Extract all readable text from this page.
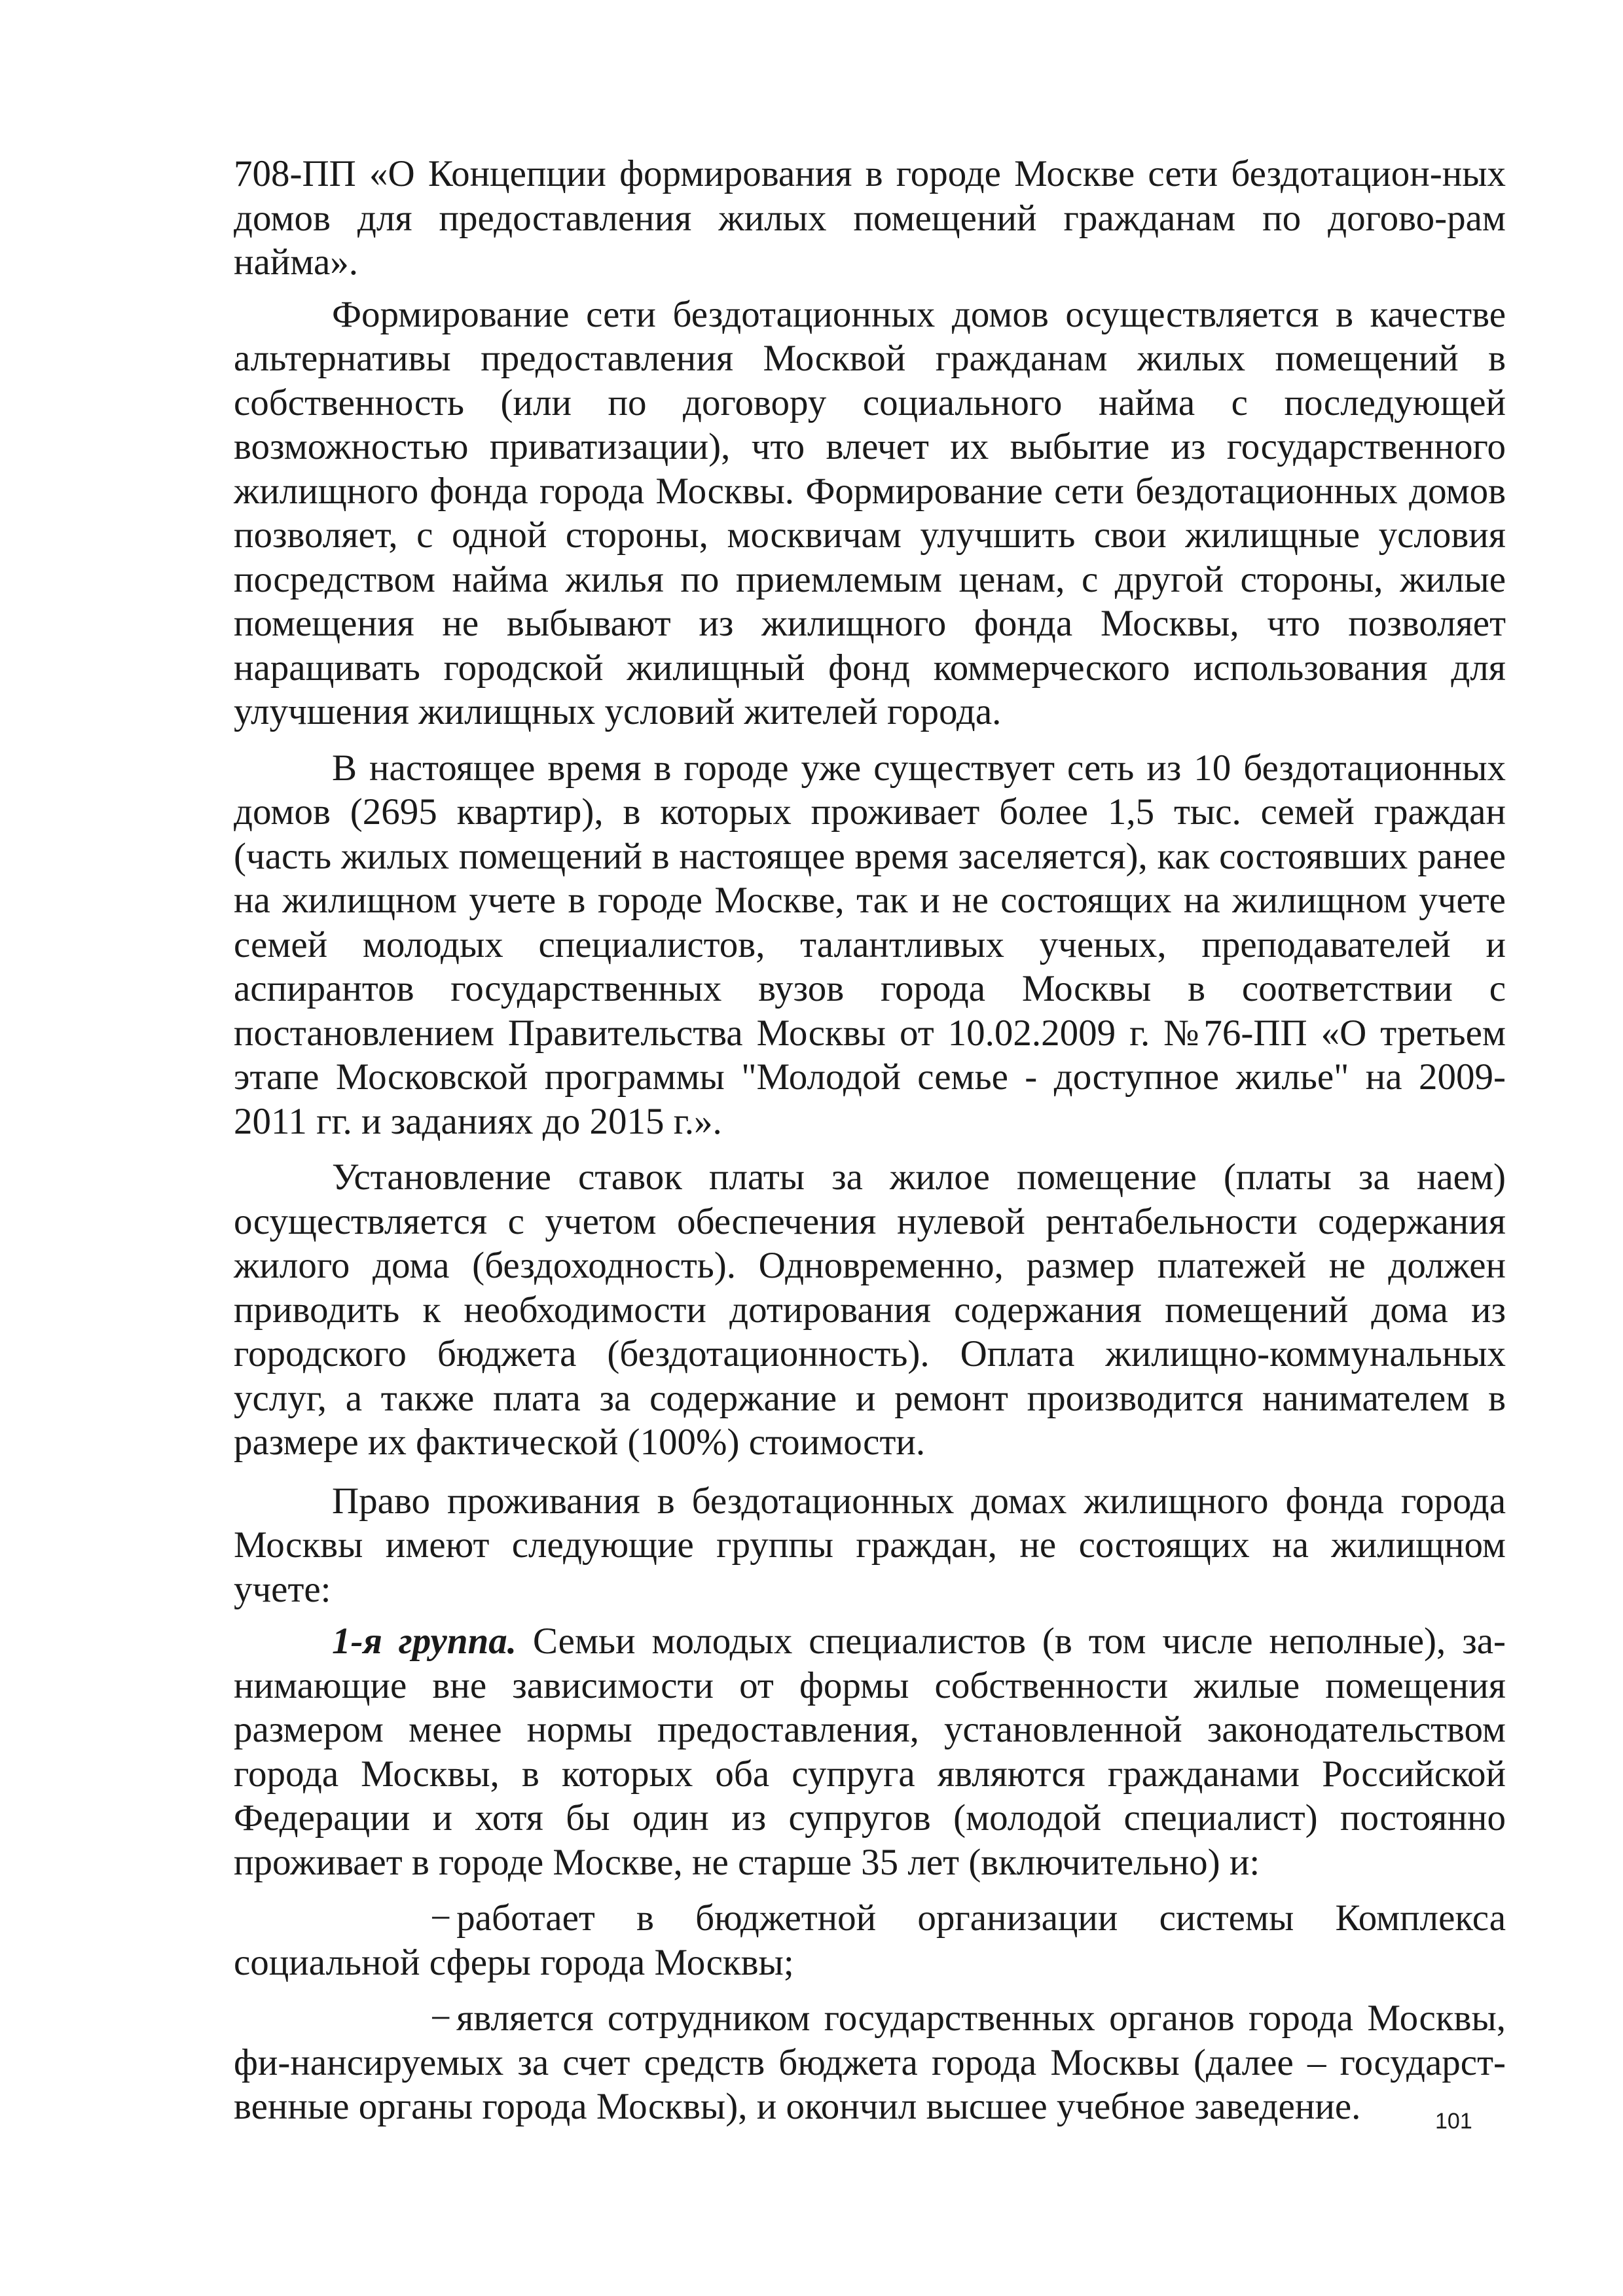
708-ПП «О Концепции формирования в городе Москве сети бездотацион-ных домов для предоставления жилых помещений гражданам по догово-рам найма».

Формирование сети бездотационных домов осуществляется в качестве альтернативы предоставления Москвой гражданам жилых помещений в собственность (или по договору социального найма с последующей возможностью приватизации), что влечет их выбытие из государственного жилищного фонда города Москвы. Формирование сети бездотационных домов позволяет, с одной стороны, москвичам улучшить свои жилищные условия посредством найма жилья по приемлемым ценам, с другой стороны, жилые помещения не выбывают из жилищного фонда Москвы, что позволяет наращивать городской жилищный фонд коммерческого использования для улучшения жилищных условий жителей города.

В настоящее время в городе уже существует сеть из 10 бездотационных домов (2695 квартир), в которых проживает более 1,5 тыс. семей граждан (часть жилых помещений в настоящее время заселяется), как состоявших ранее на жилищном учете в городе Москве, так и не состоящих на жилищном учете семей молодых специалистов, талантливых ученых, преподавателей и аспирантов государственных вузов города Москвы в соответствии с постановлением Правительства Москвы от 10.02.2009 г. №76-ПП «О третьем этапе Московской программы "Молодой семье - доступное жилье" на 2009-2011 гг. и заданиях до 2015 г.».

Установление ставок платы за жилое помещение (платы за наем) осуществляется с учетом обеспечения нулевой рентабельности содержания жилого дома (бездоходность). Одновременно, размер платежей не должен приводить к необходимости дотирования содержания помещений дома из городского бюджета (бездотационность). Оплата жилищно-коммунальных услуг, а также плата за содержание и ремонт производится нанимателем в размере их фактической (100%) стоимости.

Право проживания в бездотационных домах жилищного фонда города Москвы имеют следующие группы граждан, не состоящих на жилищном учете:

1-я группа. Семьи молодых специалистов (в том числе неполные), за-нимающие вне зависимости от формы собственности жилые помещения размером менее нормы предоставления, установленной законодательством города Москвы, в которых оба супруга являются гражданами Российской Федерации и хотя бы один из супругов (молодой специалист) постоянно проживает в городе Москве, не старше 35 лет (включительно) и:

− работает в бюджетной организации системы Комплекса социальной сферы города Москвы;

− является сотрудником государственных органов города Москвы, фи-нансируемых за счет средств бюджета города Москвы (далее – государст-венные органы города Москвы), и окончил высшее учебное заведение.	101
